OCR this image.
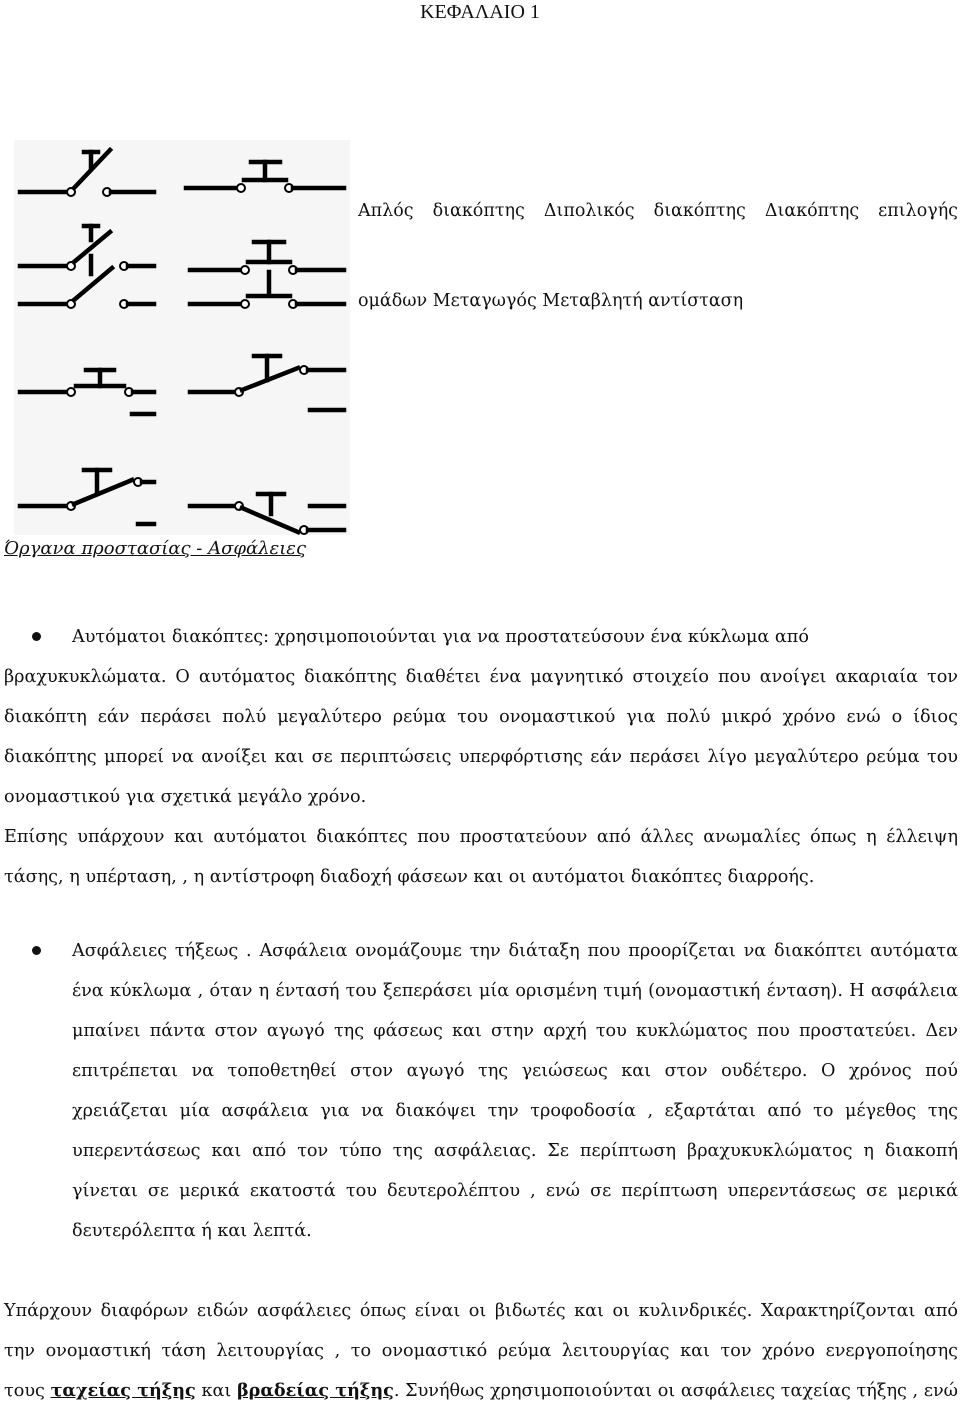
ΚΕΦΑΛΑΙΟ 1
Απλός διακόπτης Διπολικός διακόπτης Διακόπτης επιλογής
ομάδων Μεταγωγός Μεταβλητή αντίσταση
Όργανα προστασίας - Ασφάλειες
Αυτόματοι διακόπτες: χρησιμοποιούνται για να προστατεύσουν ένα κύκλωμα από
βραχυκυκλώματα. Ο αυτόματος διακόπτης διαθέτει ένα μαγνητικό στοιχείο που ανοίγει ακαριαία τον
διακόπτη εάν περάσει πολύ μεγαλύτερο ρεύμα του ονομαστικού για πολύ μικρό χρόνο ενώ ο ίδιος
διακόπτης μπορεί να ανοίξει και σε περιπτώσεις υπερφόρτισης εάν περάσει λίγο μεγαλύτερο ρεύμα του
ονομαστικού για σχετικά μεγάλο χρόνο.
Επίσης υπάρχουν και αυτόματοι διακόπτες που προστατεύουν από άλλες ανωμαλίες όπως η έλλειψη
τάσης, η υπέρταση, , η αντίστροφη διαδοχή φάσεων και οι αυτόματοι διακόπτες διαρροής.
Ασφάλειες τήξεως . Ασφάλεια ονομάζουμε την διάταξη που προορίζεται να διακόπτει αυτόματα
ένα κύκλωμα , όταν η έντασή του ξεπεράσει μία ορισμένη τιμή (ονομαστική ένταση). Η ασφάλεια
μπαίνει πάντα στον αγωγό της φάσεως και στην αρχή του κυκλώματος που προστατεύει. Δεν
επιτρέπεται να τοποθετηθεί στον αγωγό της γειώσεως και στον ουδέτερο. Ο χρόνος πού
χρειάζεται μία ασφάλεια για να διακόψει την τροφοδοσία , εξαρτάται από το μέγεθος της
υπερεντάσεως και από τον τύπο της ασφάλειας. Σε περίπτωση βραχυκυκλώματος η διακοπή
γίνεται σε μερικά εκατοστά του δευτερολέπτου , ενώ σε περίπτωση υπερεντάσεως σε μερικά
δευτερόλεπτα ή και λεπτά.
Υπάρχουν διαφόρων ειδών ασφάλειες όπως είναι οι βιδωτές και οι κυλινδρικές. Χαρακτηρίζονται από
την ονομαστική τάση λειτουργίας , το ονομαστικό ρεύμα λειτουργίας και τον χρόνο ενεργοποίησης
τους ταχείας τήξης και βραδείας τήξης. Συνήθως χρησιμοποιούνται οι ασφάλειες ταχείας τήξης , ενώ
